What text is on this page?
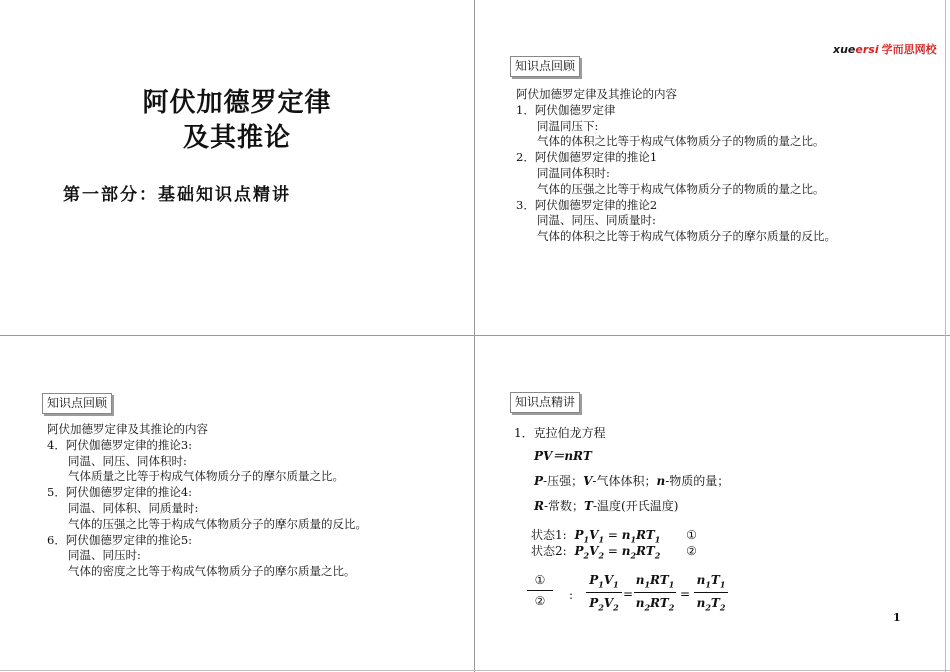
阿伏加德罗定律
及其推论
第一部分：基础知识点精讲
xueersi 学而思网校
知识点回顾
阿伏加德罗定律及其推论的内容
1．阿伏伽德罗定律
同温同压下:
气体的体积之比等于构成气体物质分子的物质的量之比。
2．阿伏伽德罗定律的推论1
同温同体积时:
气体的压强之比等于构成气体物质分子的物质的量之比。
3．阿伏伽德罗定律的推论2
同温、同压、同质量时:
气体的体积之比等于构成气体物质分子的摩尔质量的反比。
知识点回顾
阿伏加德罗定律及其推论的内容
4．阿伏伽德罗定律的推论3:
同温、同压、同体积时:
气体质量之比等于构成气体物质分子的摩尔质量之比。
5．阿伏伽德罗定律的推论4:
同温、同体积、同质量时:
气体的压强之比等于构成气体物质分子的摩尔质量的反比。
6．阿伏伽德罗定律的推论5:
同温、同压时:
气体的密度之比等于构成气体物质分子的摩尔质量之比。
知识点精讲
1．克拉伯龙方程
PV＝nRT
P-压强；V-气体体积；n-物质的量；
R-常数；T-温度(开氏温度)
状态1: $P_1V_1 = n_1RT_1$ ①
状态2: $P_2V_2 = n_2RT_2$ ②
①
②	:
$P_1V_1$
$P_2V_2$
=
$n_1RT_1$
$n_2RT_2$
=
$n_1T_1$
$n_2T_2$
1
